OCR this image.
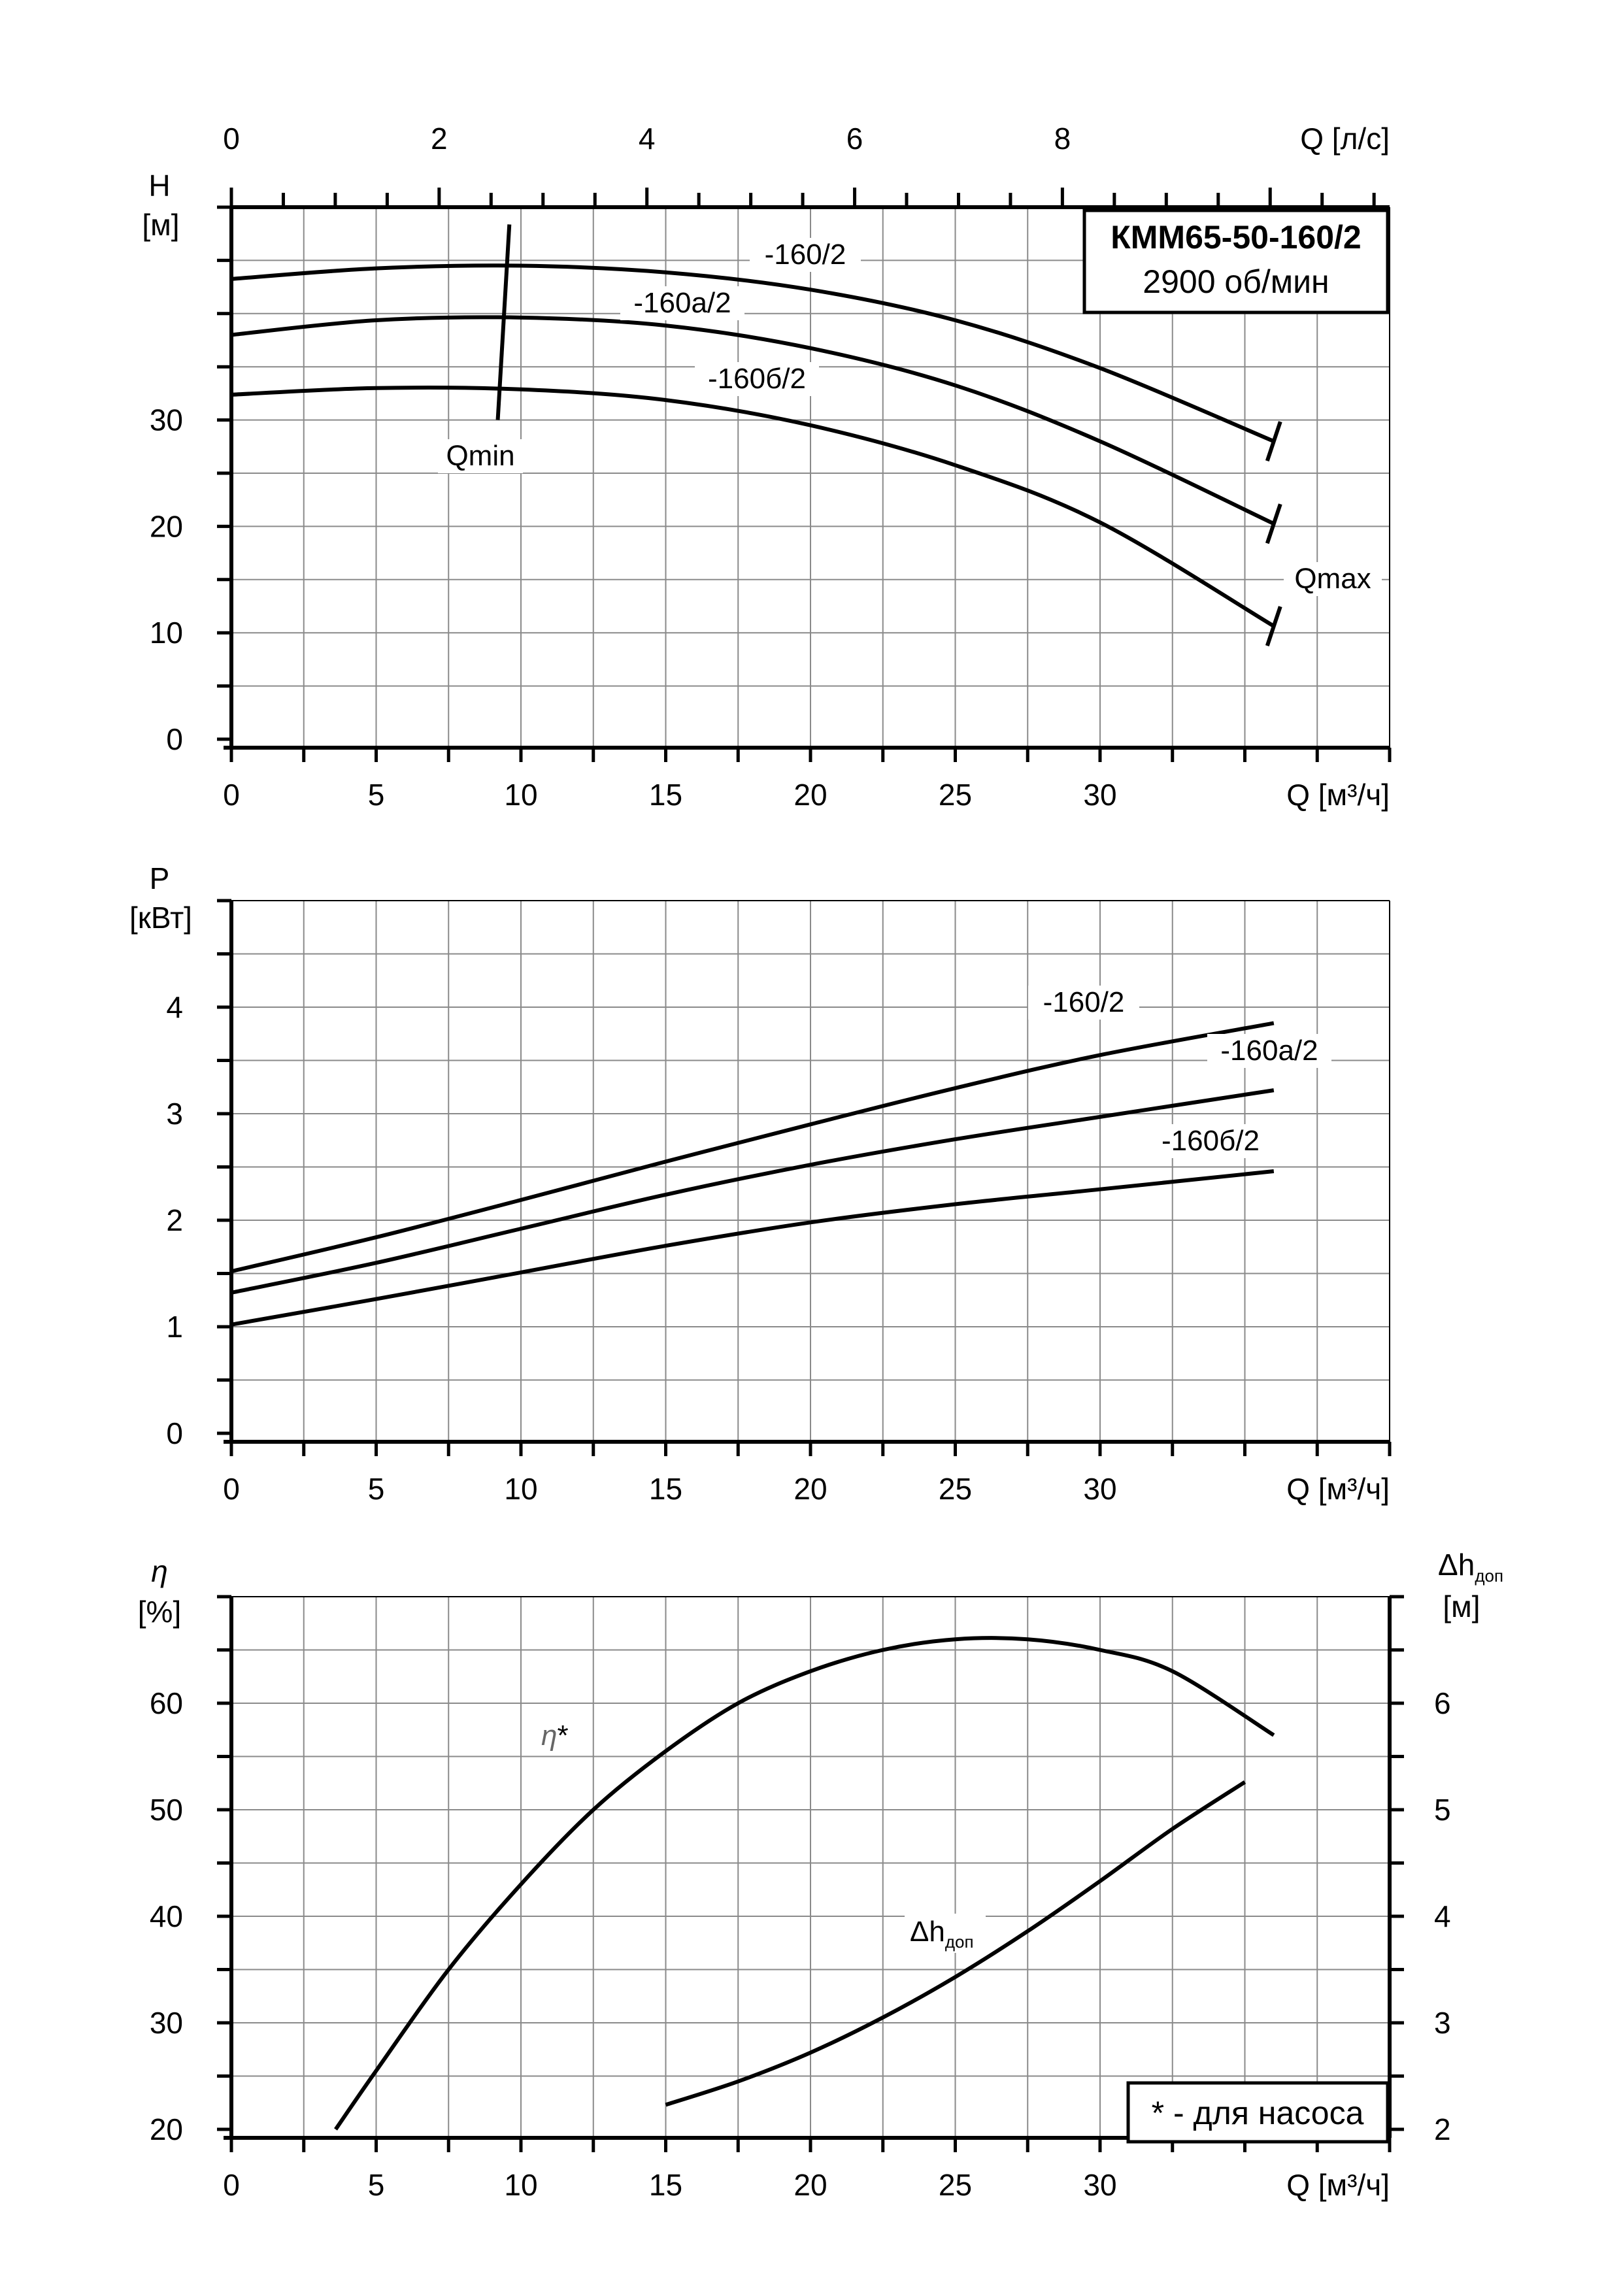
0	5	10	15	20	25	30	Q [м³/ч]
0
10
20
30
0	2	4	6	8	Q [л/с]
H
[м]
-160/2
-160а/2
-160б/2
Qmin
Qmax
0	5	10	15	20	25	30	Q [м³/ч]
0
1
2
3
4
P
[кВт]
-160/2
-160а/2
-160б/2
0	5	10	15	20	25	30	Q [м³/ч]
20
30
40
50
60
2
3
4
5
6
η
[%]
$\Delta h_{доп}$
[м]
η*
$\Delta h_{доп}$
КММ65-50-160/2
2900 об/мин
* - для насоса
